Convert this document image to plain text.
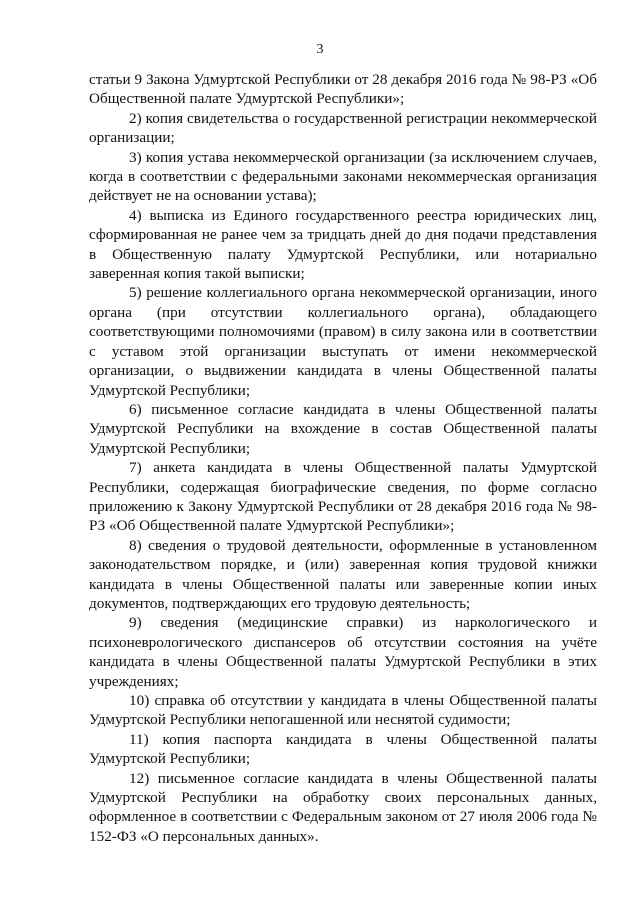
3

статьи 9 Закона Удмуртской Республики от 28 декабря 2016 года № 98-РЗ «Об Общественной палате Удмуртской Республики»;

2) копия свидетельства о государственной регистрации некоммерческой организации;

3) копия устава некоммерческой организации (за исключением случаев, когда в соответствии с федеральными законами некоммерческая организация действует не на основании устава);

4) выписка из Единого государственного реестра юридических лиц, сформированная не ранее чем за тридцать дней до дня подачи представления в Общественную палату Удмуртской Республики, или нотариально заверенная копия такой выписки;

5) решение коллегиального органа некоммерческой организации, иного органа (при отсутствии коллегиального органа), обладающего соответствующими полномочиями (правом) в силу закона или в соответствии с уставом этой организации выступать от имени некоммерческой организации, о выдвижении кандидата в члены Общественной палаты Удмуртской Республики;

6) письменное согласие кандидата в члены Общественной палаты Удмуртской Республики на вхождение в состав Общественной палаты Удмуртской Республики;

7) анкета кандидата в члены Общественной палаты Удмуртской Республики, содержащая биографические сведения, по форме согласно приложению к Закону Удмуртской Республики от 28 декабря 2016 года № 98-РЗ «Об Общественной палате Удмуртской Республики»;

8) сведения о трудовой деятельности, оформленные в установленном законодательством порядке, и (или) заверенная копия трудовой книжки кандидата в члены Общественной палаты или заверенные копии иных документов, подтверждающих его трудовую деятельность;

9) сведения (медицинские справки) из наркологического и психоневрологического диспансеров об отсутствии состояния на учёте кандидата в члены Общественной палаты Удмуртской Республики в этих учреждениях;

10) справка об отсутствии у кандидата в члены Общественной палаты Удмуртской Республики непогашенной или неснятой судимости;

11) копия паспорта кандидата в члены Общественной палаты Удмуртской Республики;

12) письменное согласие кандидата в члены Общественной палаты Удмуртской Республики на обработку своих персональных данных, оформленное в соответствии с Федеральным законом от 27 июля 2006 года № 152-ФЗ «О персональных данных».
